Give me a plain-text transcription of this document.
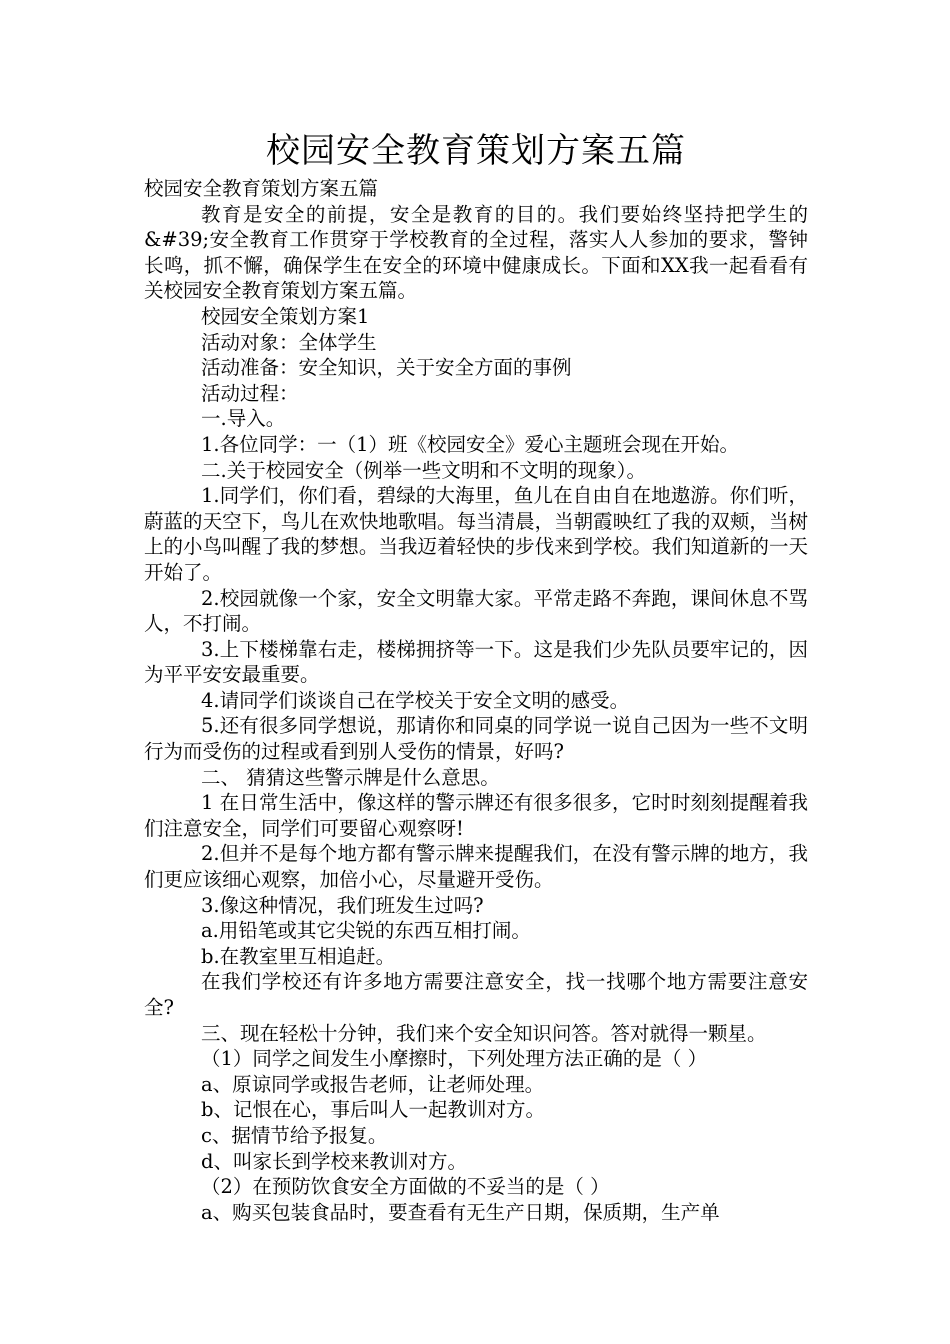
校园安全教育策划方案五篇

校园安全教育策划方案五篇

教育是安全的前提，安全是教育的目的。我们要始终坚持把学生的&#39;安全教育工作贯穿于学校教育的全过程，落实人人参加的要求，警钟长鸣，抓不懈，确保学生在安全的环境中健康成长。下面和XX我一起看看有关校园安全教育策划方案五篇。

校园安全策划方案1

活动对象：全体学生

活动准备：安全知识，关于安全方面的事例

活动过程：

一.导入。

1.各位同学：一（1）班《校园安全》爱心主题班会现在开始。

二.关于校园安全（例举一些文明和不文明的现象）。

1.同学们，你们看，碧绿的大海里，鱼儿在自由自在地遨游。你们听，蔚蓝的天空下，鸟儿在欢快地歌唱。每当清晨，当朝霞映红了我的双颊，当树上的小鸟叫醒了我的梦想。当我迈着轻快的步伐来到学校。我们知道新的一天开始了。

2.校园就像一个家，安全文明靠大家。平常走路不奔跑，课间休息不骂人，不打闹。

3.上下楼梯靠右走，楼梯拥挤等一下。这是我们少先队员要牢记的，因为平平安安最重要。

4.请同学们谈谈自己在学校关于安全文明的感受。

5.还有很多同学想说，那请你和同桌的同学说一说自己因为一些不文明行为而受伤的过程或看到别人受伤的情景，好吗?

二、 猜猜这些警示牌是什么意思。

1 在日常生活中，像这样的警示牌还有很多很多，它时时刻刻提醒着我们注意安全，同学们可要留心观察呀!

2.但并不是每个地方都有警示牌来提醒我们，在没有警示牌的地方，我们更应该细心观察，加倍小心，尽量避开受伤。

3.像这种情况，我们班发生过吗?

a.用铅笔或其它尖锐的东西互相打闹。

b.在教室里互相追赶。

在我们学校还有许多地方需要注意安全，找一找哪个地方需要注意安全?

三、现在轻松十分钟，我们来个安全知识问答。答对就得一颗星。

（1）同学之间发生小摩擦时，下列处理方法正确的是（ ）

a、原谅同学或报告老师，让老师处理。

b、记恨在心，事后叫人一起教训对方。

c、据情节给予报复。

d、叫家长到学校来教训对方。

（2）在预防饮食安全方面做的不妥当的是（ ）

a、购买包装食品时，要查看有无生产日期，保质期，生产单
